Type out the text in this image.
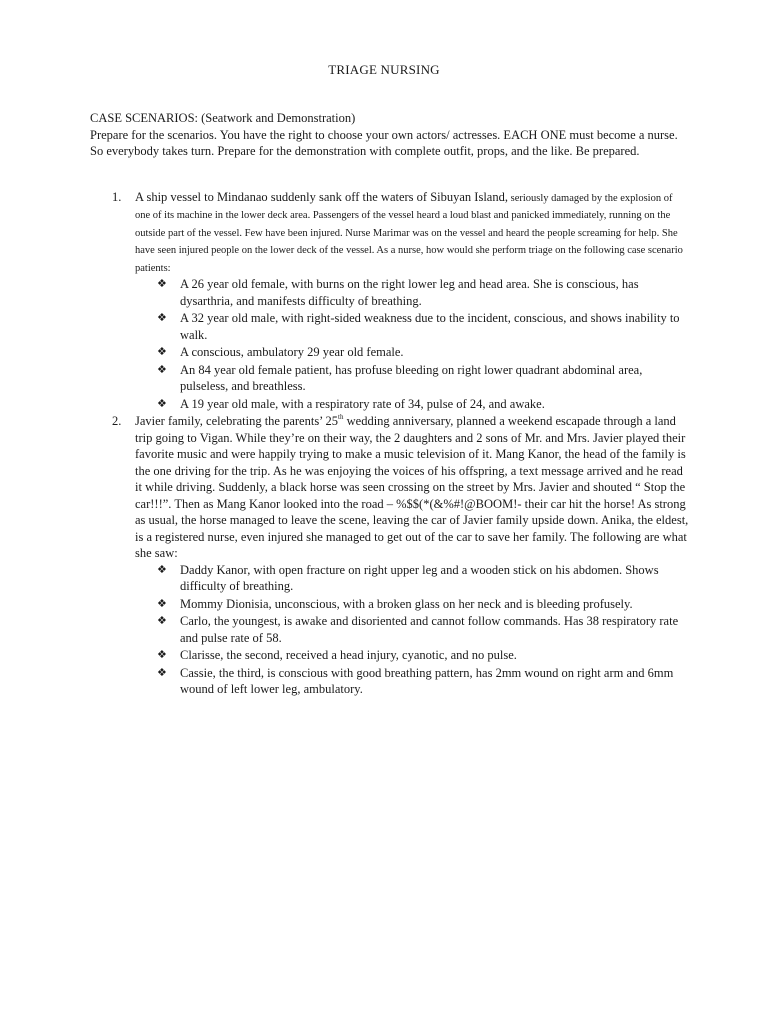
TRIAGE NURSING

CASE SCENARIOS: (Seatwork and Demonstration)

Prepare for the scenarios. You have the right to choose your own actors/ actresses. EACH ONE must become a nurse. So everybody takes turn. Prepare for the demonstration with complete outfit, props, and the like. Be prepared.

1. A ship vessel to Mindanao suddenly sank off the waters of Sibuyan Island, seriously damaged by the explosion of one of its machine in the lower deck area. Passengers of the vessel heard a loud blast and panicked immediately, running on the outside part of the vessel. Few have been injured. Nurse Marimar was on the vessel and heard the people screaming for help. She have seen injured people on the lower deck of the vessel. As a nurse, how would she perform triage on the following case scenario patients:
❖ A 26 year old female, with burns on the right lower leg and head area. She is conscious, has dysarthria, and manifests difficulty of breathing.
❖ A 32 year old male, with right-sided weakness due to the incident, conscious, and shows inability to walk.
❖ A conscious, ambulatory 29 year old female.
❖ An 84 year old female patient, has profuse bleeding on right lower quadrant abdominal area, pulseless, and breathless.
❖ A 19 year old male, with a respiratory rate of 34, pulse of 24, and awake.
2. Javier family, celebrating the parents’ 25th wedding anniversary, planned a weekend escapade through a land trip going to Vigan. While they’re on their way, the 2 daughters and 2 sons of Mr. and Mrs. Javier played their favorite music and were happily trying to make a music television of it. Mang Kanor, the head of the family is the one driving for the trip. As he was enjoying the voices of his offspring, a text message arrived and he read it while driving. Suddenly, a black horse was seen crossing on the street by Mrs. Javier and shouted “ Stop the car!!!”. Then as Mang Kanor looked into the road – %$$(*(&%#!@BOOM!- their car hit the horse! As strong as usual, the horse managed to leave the scene, leaving the car of Javier family upside down. Anika, the eldest, is a registered nurse, even injured she managed to get out of the car to save her family. The following are what she saw:
❖ Daddy Kanor, with open fracture on right upper leg and a wooden stick on his abdomen. Shows difficulty of breathing.
❖ Mommy Dionisia, unconscious, with a broken glass on her neck and is bleeding profusely.
❖ Carlo, the youngest, is awake and disoriented and cannot follow commands. Has 38 respiratory rate and pulse rate of 58.
❖ Clarisse, the second, received a head injury, cyanotic, and no pulse.
❖ Cassie, the third, is conscious with good breathing pattern, has 2mm wound on right arm and 6mm wound of left lower leg, ambulatory.
